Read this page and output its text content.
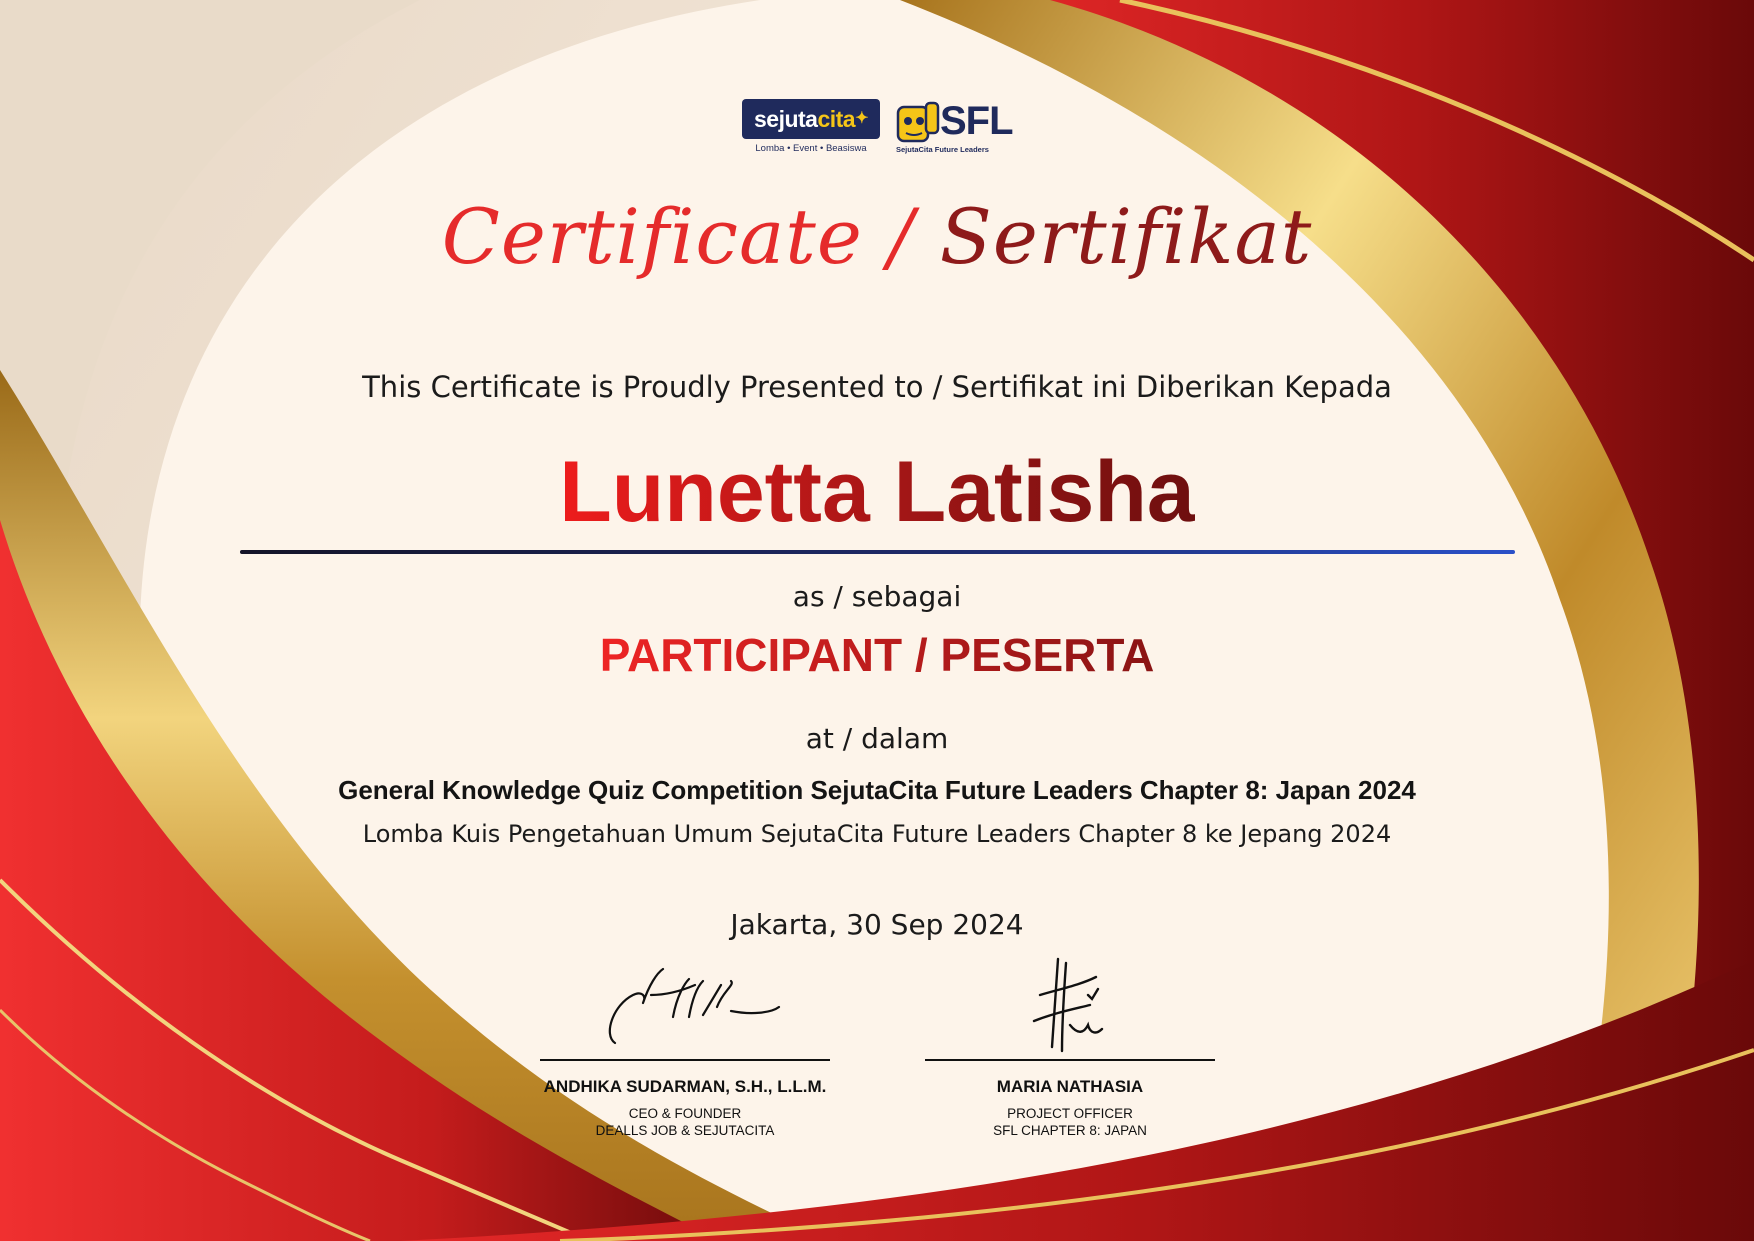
sejutacita✦
Lomba • Event • Beasiswa
SFL
SejutaCita Future Leaders
Certificate / Sertifikat
This Certificate is Proudly Presented to / Sertifikat ini Diberikan Kepada
Lunetta Latisha
as / sebagai
PARTICIPANT / PESERTA
at / dalam
General Knowledge Quiz Competition SejutaCita Future Leaders Chapter 8: Japan 2024
Lomba Kuis Pengetahuan Umum SejutaCita Future Leaders Chapter 8 ke Jepang 2024
Jakarta, 30 Sep 2024
ANDHIKA SUDARMAN, S.H., L.L.M.
CEO & FOUNDER
DEALLS JOB & SEJUTACITA
MARIA NATHASIA
PROJECT OFFICER
SFL CHAPTER 8: JAPAN
